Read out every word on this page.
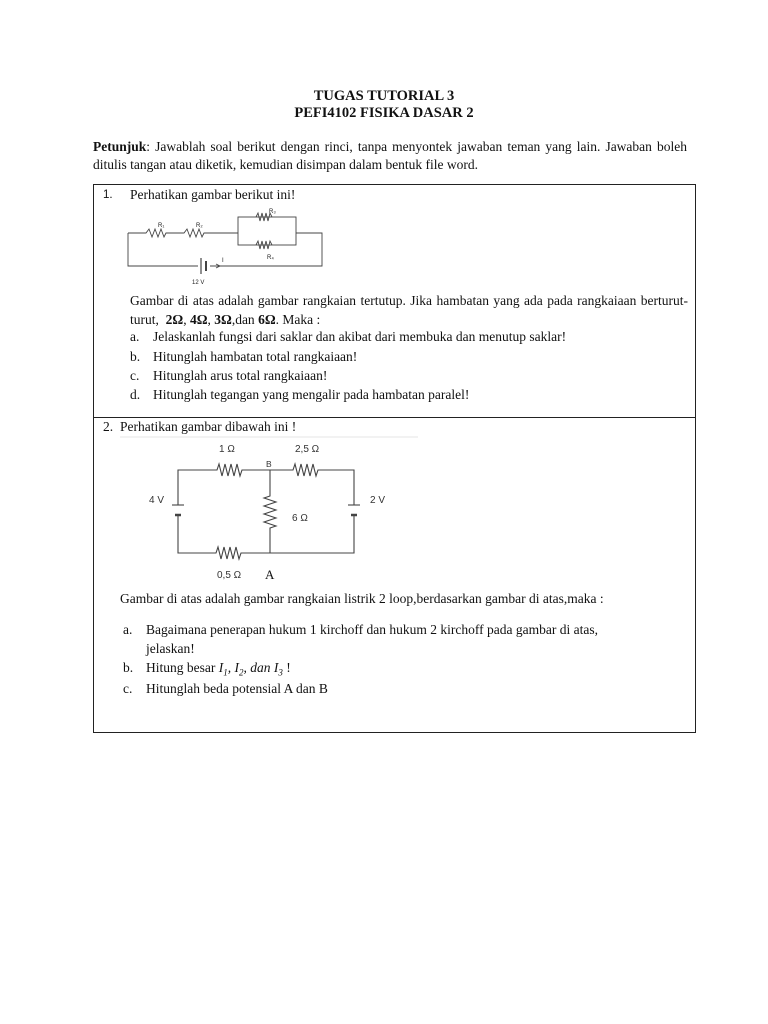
TUGAS TUTORIAL 3
PEFI4102 FISIKA DASAR 2
Petunjuk: Jawablah soal berikut dengan rinci, tanpa menyontek jawaban teman yang lain. Jawaban boleh ditulis tangan atau diketik, kemudian disimpan dalam bentuk file word.
1. Perhatikan gambar berikut ini!
R₁	R₂
R₃
R₄
I
12 V
Gambar di atas adalah gambar rangkaian tertutup. Jika hambatan yang ada pada rangkaiaan berturut-turut, 2Ω, 4Ω, 3Ω,dan 6Ω. Maka :
a. Jelaskanlah fungsi dari saklar dan akibat dari membuka dan menutup saklar!
b. Hitunglah hambatan total rangkaiaan!
c. Hitunglah arus total rangkaiaan!
d. Hitunglah tegangan yang mengalir pada hambatan paralel!
2. Perhatikan gambar dibawah ini !
1 Ω	2,5 Ω
B
6 Ω
0,5 Ω
4 V	2 V
A
Gambar di atas adalah gambar rangkaian listrik 2 loop,berdasarkan gambar di atas,maka :
a. Bagaimana penerapan hukum 1 kirchoff dan hukum 2 kirchoff pada gambar di atas,
jelaskan!
b. Hitung besar $I_1$, $I_2$, dan $I_3$ !
c. Hitunglah beda potensial A dan B
